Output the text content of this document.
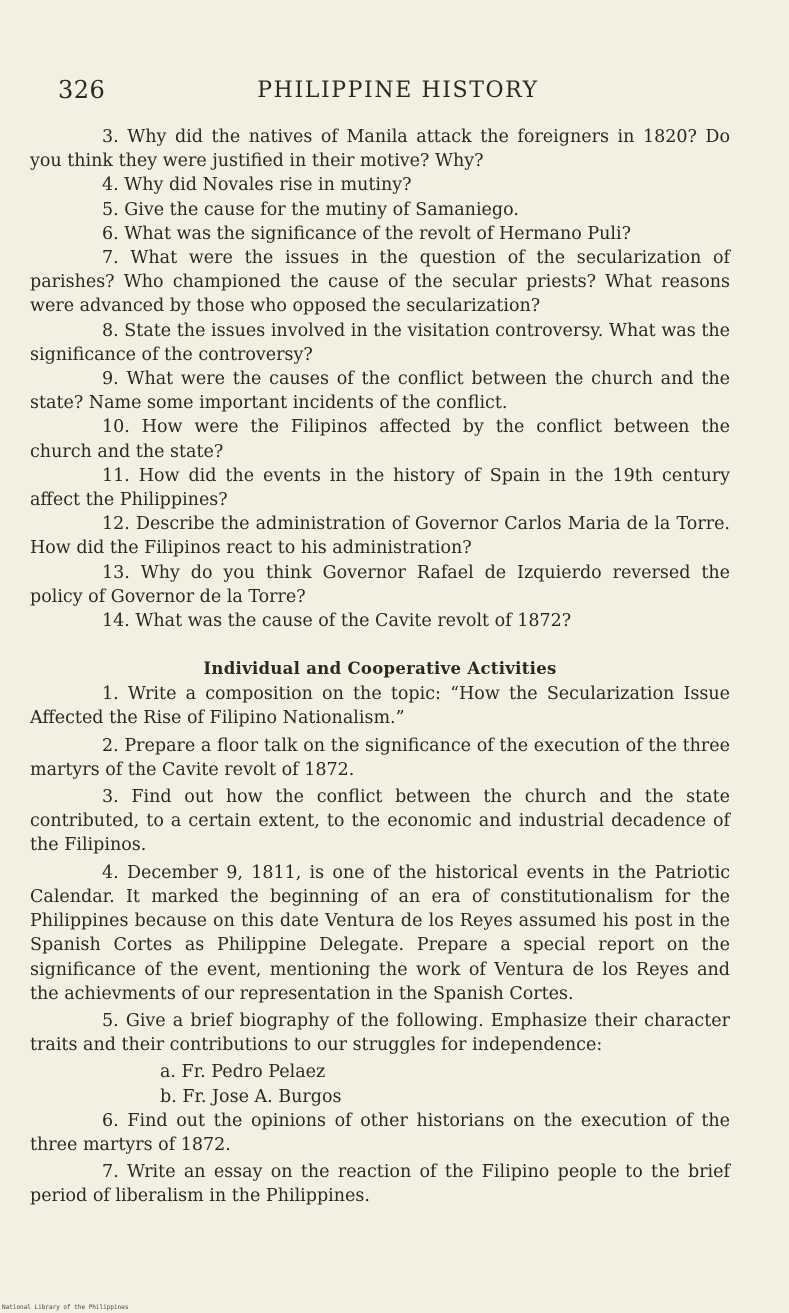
326	PHILIPPINE HISTORY

3. Why did the natives of Manila attack the foreigners in 1820? Do you think they were justified in their motive? Why?

4. Why did Novales rise in mutiny?

5. Give the cause for the mutiny of Samaniego.

6. What was the significance of the revolt of Hermano Puli?

7. What were the issues in the question of the secularization of parishes? Who championed the cause of the secular priests? What reasons were advanced by those who opposed the secularization?

8. State the issues involved in the visitation controversy. What was the significance of the controversy?

9. What were the causes of the conflict between the church and the state? Name some important incidents of the conflict.

10. How were the Filipinos affected by the conflict between the church and the state?

11. How did the events in the history of Spain in the 19th century affect the Philippines?

12. Describe the administration of Governor Carlos Maria de la Torre. How did the Filipinos react to his administration?

13. Why do you think Governor Rafael de Izquierdo reversed the policy of Governor de la Torre?

14. What was the cause of the Cavite revolt of 1872?

Individual and Cooperative Activities

1. Write a composition on the topic: “How the Secularization Issue Affected the Rise of Filipino Nationalism.”

2. Prepare a floor talk on the significance of the execution of the three martyrs of the Cavite revolt of 1872.

3. Find out how the conflict between the church and the state contributed, to a certain extent, to the economic and industrial decadence of the Filipinos.

4. December 9, 1811, is one of the historical events in the Patriotic Calendar. It marked the beginning of an era of constitutionalism for the Philippines because on this date Ventura de los Reyes assumed his post in the Spanish Cortes as Philippine Delegate. Prepare a special report on the significance of the event, mentioning the work of Ventura de los Reyes and the achievments of our representation in the Spanish Cortes.

5. Give a brief biography of the following. Emphasize their character traits and their contributions to our struggles for independence:

a. Fr. Pedro Pelaez

b. Fr. Jose A. Burgos

6. Find out the opinions of other historians on the execution of the three martyrs of 1872.

7. Write an essay on the reaction of the Filipino people to the brief period of liberalism in the Philippines.

National Library of the Philippines
